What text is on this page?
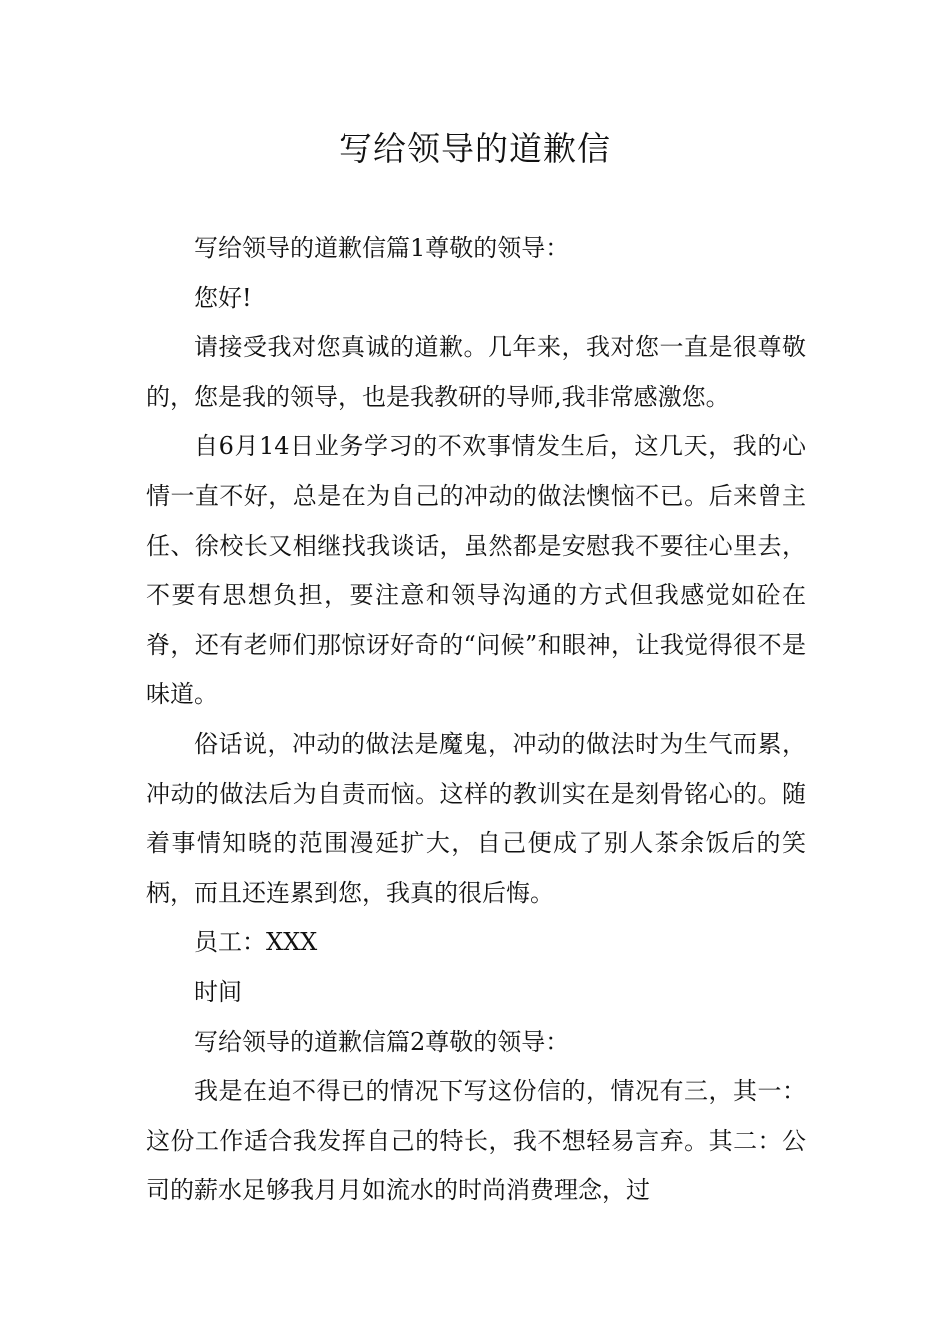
写给领导的道歉信

写给领导的道歉信篇1尊敬的领导：

您好!

请接受我对您真诚的道歉。几年来，我对您一直是很尊敬的，您是我的领导，也是我教研的导师,我非常感激您。

自6月14日业务学习的不欢事情发生后，这几天，我的心情一直不好，总是在为自己的冲动的做法懊恼不已。后来曾主任、徐校长又相继找我谈话，虽然都是安慰我不要往心里去，不要有思想负担，要注意和领导沟通的方式但我感觉如砼在脊，还有老师们那惊讶好奇的“问候”和眼神，让我觉得很不是味道。

俗话说，冲动的做法是魔鬼，冲动的做法时为生气而累，冲动的做法后为自责而恼。这样的教训实在是刻骨铭心的。随着事情知晓的范围漫延扩大，自己便成了别人茶余饭后的笑柄，而且还连累到您，我真的很后悔。

员工：XXX

时间

写给领导的道歉信篇2尊敬的领导：

我是在迫不得已的情况下写这份信的，情况有三，其一：这份工作适合我发挥自己的特长，我不想轻易言弃。其二：公司的薪水足够我月月如流水的时尚消费理念，过
